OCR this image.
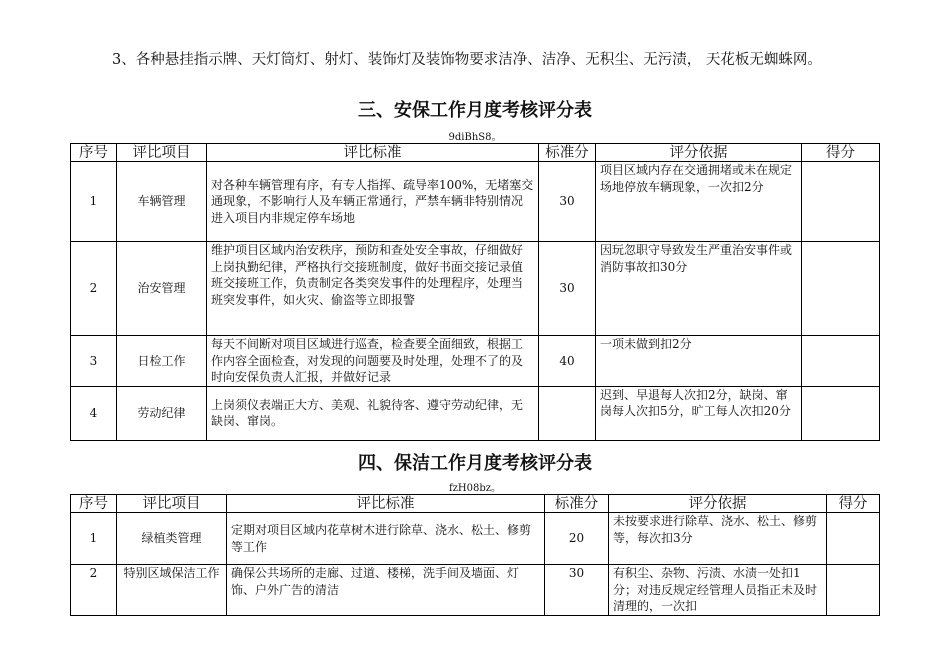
3、各种悬挂指示牌、天灯筒灯、射灯、装饰灯及装饰物要求洁净、洁净、无积尘、无污渍， 天花板无蜘蛛网。

三、安保工作月度考核评分表
9diBhS8。
序号	评比项目	评比标准	标准分	评分依据	得分
1	车辆管理	对各种车辆管理有序，有专人指挥、疏导率100%，无堵塞交通现象，不影响行人及车辆正常通行，严禁车辆非特别情况进入项目内非规定停车场地	30	项目区域内存在交通拥堵或未在规定场地停放车辆现象，一次扣2分	
2	治安管理	维护项目区域内治安秩序，预防和查处安全事故，仔细做好上岗执勤纪律，严格执行交接班制度，做好书面交接记录值班交接班工作，负责制定各类突发事件的处理程序，处理当班突发事件，如火灾、偷盗等立即报警	30	因玩忽职守导致发生严重治安事件或消防事故扣30分	
3	日检工作	每天不间断对项目区域进行巡查，检查要全面细致，根据工作内容全面检查，对发现的问题要及时处理，处理不了的及时向安保负责人汇报，并做好记录	40	一项未做到扣2分	
4	劳动纪律	上岗须仪表端正大方、美观、礼貌待客、遵守劳动纪律，无缺岗、窜岗。		迟到、早退每人次扣2分，缺岗、窜岗每人次扣5分，旷工每人次扣20分	
四、保洁工作月度考核评分表
fzH08bz。
序号	评比项目	评比标准	标准分	评分依据	得分
1	绿植类管理	定期对项目区域内花草树木进行除草、浇水、松土、修剪等工作	20	未按要求进行除草、浇水、松土、修剪等，每次扣3分	
2	特别区域保洁工作	确保公共场所的走廊、过道、楼梯，洗手间及墙面、灯饰、户外广告的清洁	30	有积尘、杂物、污渍、水渍一处扣1分；对违反规定经管理人员指正未及时清理的，一次扣	
